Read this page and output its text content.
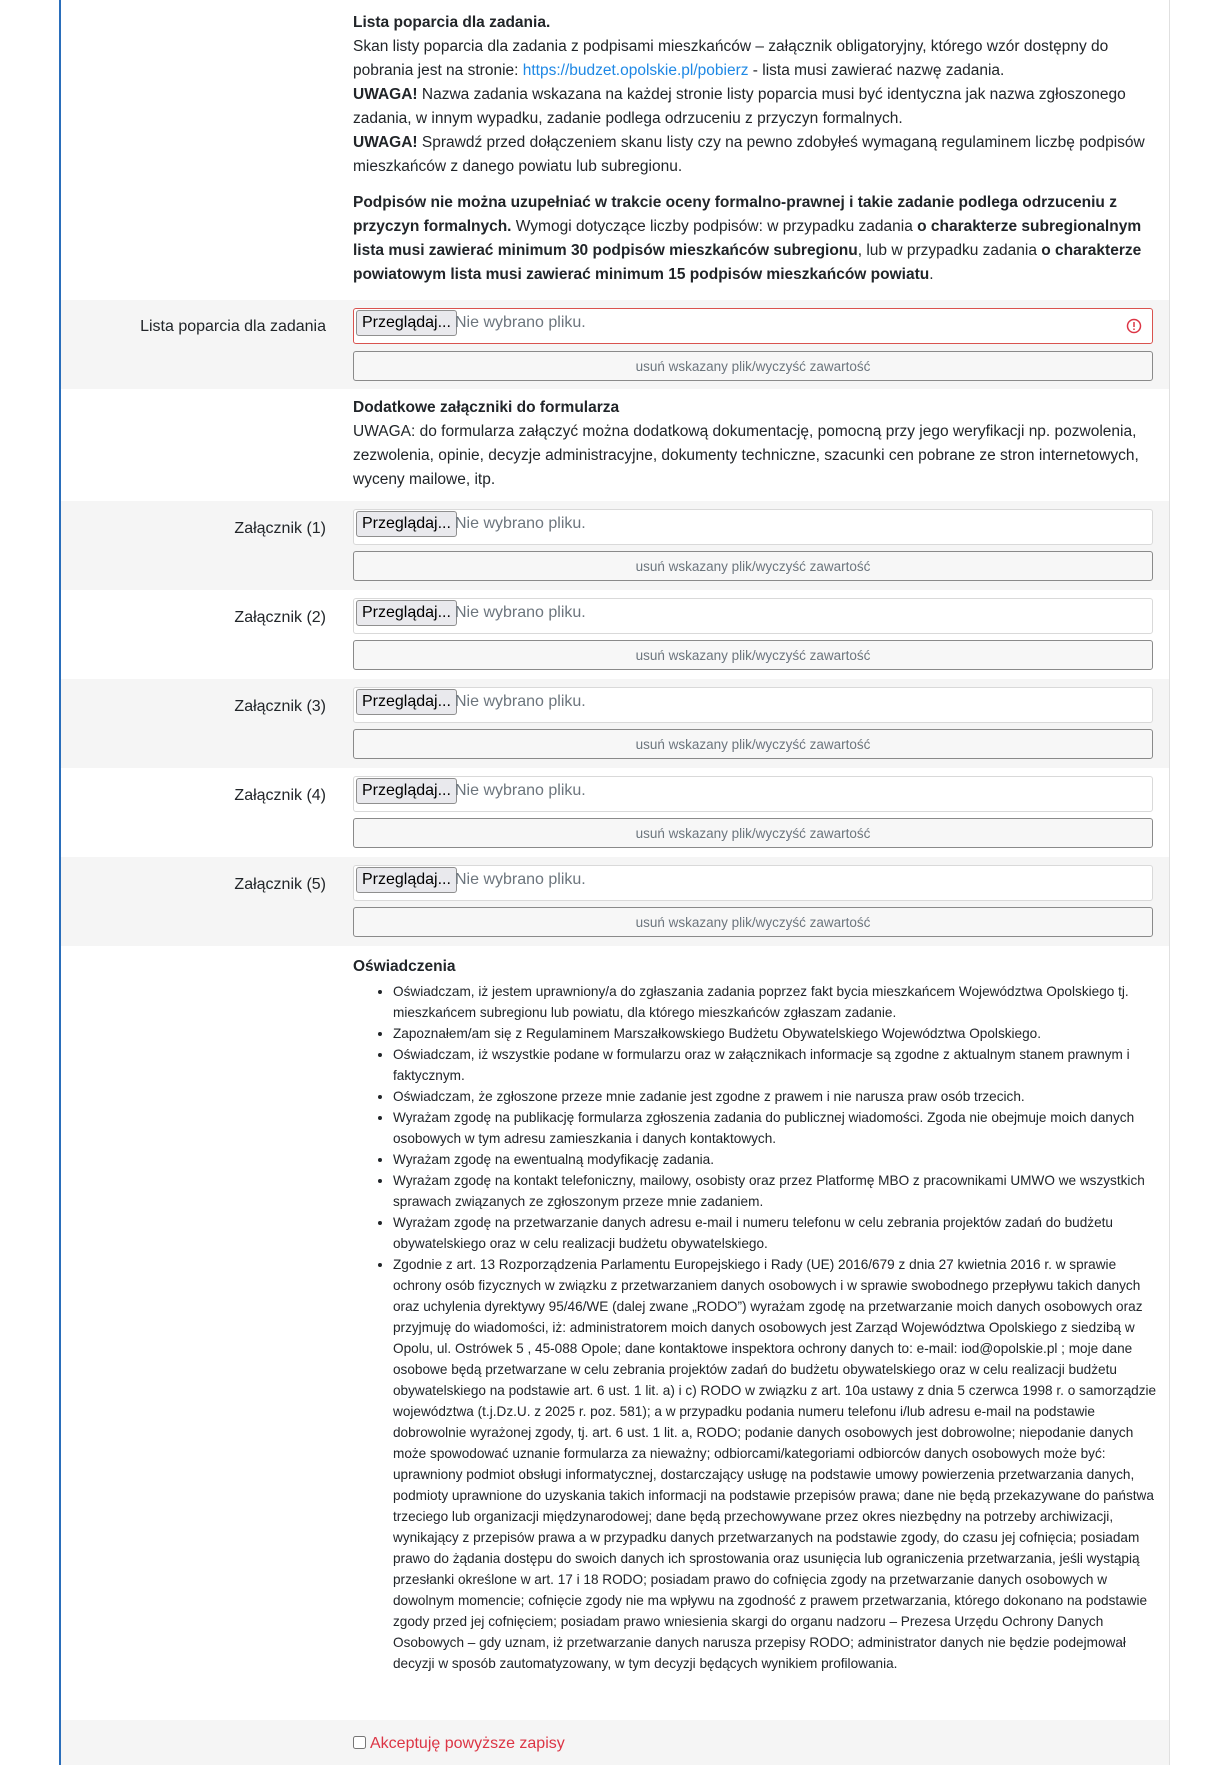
Lista poparcia dla zadania.
Skan listy poparcia dla zadania z podpisami mieszkańców – załącznik obligatoryjny, którego wzór dostępny do pobrania jest na stronie: https://budzet.opolskie.pl/pobierz - lista musi zawierać nazwę zadania.
UWAGA! Nazwa zadania wskazana na każdej stronie listy poparcia musi być identyczna jak nazwa zgłoszonego zadania, w innym wypadku, zadanie podlega odrzuceniu z przyczyn formalnych.
UWAGA! Sprawdź przed dołączeniem skanu listy czy na pewno zdobyłeś wymaganą regulaminem liczbę podpisów mieszkańców z danego powiatu lub subregionu.
Podpisów nie można uzupełniać w trakcie oceny formalno-prawnej i takie zadanie podlega odrzuceniu z przyczyn formalnych. Wymogi dotyczące liczby podpisów: w przypadku zadania o charakterze subregionalnym lista musi zawierać minimum 30 podpisów mieszkańców subregionu, lub w przypadku zadania o charakterze powiatowym lista musi zawierać minimum 15 podpisów mieszkańców powiatu.
Lista poparcia dla zadania	Przeglądaj... Nie wybrano pliku.
usuń wskazany plik/wyczyść zawartość
Dodatkowe załączniki do formularza
UWAGA: do formularza załączyć można dodatkową dokumentację, pomocną przy jego weryfikacji np. pozwolenia, zezwolenia, opinie, decyzje administracyjne, dokumenty techniczne, szacunki cen pobrane ze stron internetowych, wyceny mailowe, itp.
Załącznik (1)	Przeglądaj... Nie wybrano pliku.
usuń wskazany plik/wyczyść zawartość
Załącznik (2)	Przeglądaj... Nie wybrano pliku.
usuń wskazany plik/wyczyść zawartość
Załącznik (3)	Przeglądaj... Nie wybrano pliku.
usuń wskazany plik/wyczyść zawartość
Załącznik (4)	Przeglądaj... Nie wybrano pliku.
usuń wskazany plik/wyczyść zawartość
Załącznik (5)	Przeglądaj... Nie wybrano pliku.
usuń wskazany plik/wyczyść zawartość
Oświadczenia
• Oświadczam, iż jestem uprawniony/a do zgłaszania zadania poprzez fakt bycia mieszkańcem Województwa Opolskiego tj. mieszkańcem subregionu lub powiatu, dla którego mieszkańców zgłaszam zadanie.
• Zapoznałem/am się z Regulaminem Marszałkowskiego Budżetu Obywatelskiego Województwa Opolskiego.
• Oświadczam, iż wszystkie podane w formularzu oraz w załącznikach informacje są zgodne z aktualnym stanem prawnym i faktycznym.
• Oświadczam, że zgłoszone przeze mnie zadanie jest zgodne z prawem i nie narusza praw osób trzecich.
• Wyrażam zgodę na publikację formularza zgłoszenia zadania do publicznej wiadomości. Zgoda nie obejmuje moich danych osobowych w tym adresu zamieszkania i danych kontaktowych.
• Wyrażam zgodę na ewentualną modyfikację zadania.
• Wyrażam zgodę na kontakt telefoniczny, mailowy, osobisty oraz przez Platformę MBO z pracownikami UMWO we wszystkich sprawach związanych ze zgłoszonym przeze mnie zadaniem.
• Wyrażam zgodę na przetwarzanie danych adresu e-mail i numeru telefonu w celu zebrania projektów zadań do budżetu obywatelskiego oraz w celu realizacji budżetu obywatelskiego.
• Zgodnie z art. 13 Rozporządzenia Parlamentu Europejskiego i Rady (UE) 2016/679 z dnia 27 kwietnia 2016 r. w sprawie ochrony osób fizycznych w związku z przetwarzaniem danych osobowych i w sprawie swobodnego przepływu takich danych oraz uchylenia dyrektywy 95/46/WE (dalej zwane „RODO”) wyrażam zgodę na przetwarzanie moich danych osobowych oraz przyjmuję do wiadomości, iż: administratorem moich danych osobowych jest Zarząd Województwa Opolskiego z siedzibą w Opolu, ul. Ostrówek 5 , 45-088 Opole; dane kontaktowe inspektora ochrony danych to: e-mail: iod@opolskie.pl ; moje dane osobowe będą przetwarzane w celu zebrania projektów zadań do budżetu obywatelskiego oraz w celu realizacji budżetu obywatelskiego na podstawie art. 6 ust. 1 lit. a) i c) RODO w związku z art. 10a ustawy z dnia 5 czerwca 1998 r. o samorządzie województwa (t.j.Dz.U. z 2025 r. poz. 581); a w przypadku podania numeru telefonu i/lub adresu e-mail na podstawie dobrowolnie wyrażonej zgody, tj. art. 6 ust. 1 lit. a, RODO; podanie danych osobowych jest dobrowolne; niepodanie danych może spowodować uznanie formularza za nieważny; odbiorcami/kategoriami odbiorców danych osobowych może być: uprawniony podmiot obsługi informatycznej, dostarczający usługę na podstawie umowy powierzenia przetwarzania danych, podmioty uprawnione do uzyskania takich informacji na podstawie przepisów prawa; dane nie będą przekazywane do państwa trzeciego lub organizacji międzynarodowej; dane będą przechowywane przez okres niezbędny na potrzeby archiwizacji, wynikający z przepisów prawa a w przypadku danych przetwarzanych na podstawie zgody, do czasu jej cofnięcia; posiadam prawo do żądania dostępu do swoich danych ich sprostowania oraz usunięcia lub ograniczenia przetwarzania, jeśli wystąpią przesłanki określone w art. 17 i 18 RODO; posiadam prawo do cofnięcia zgody na przetwarzanie danych osobowych w dowolnym momencie; cofnięcie zgody nie ma wpływu na zgodność z prawem przetwarzania, którego dokonano na podstawie zgody przed jej cofnięciem; posiadam prawo wniesienia skargi do organu nadzoru – Prezesa Urzędu Ochrony Danych Osobowych – gdy uznam, iż przetwarzanie danych narusza przepisy RODO; administrator danych nie będzie podejmował decyzji w sposób zautomatyzowany, w tym decyzji będących wynikiem profilowania.
Akceptuję powyższe zapisy
